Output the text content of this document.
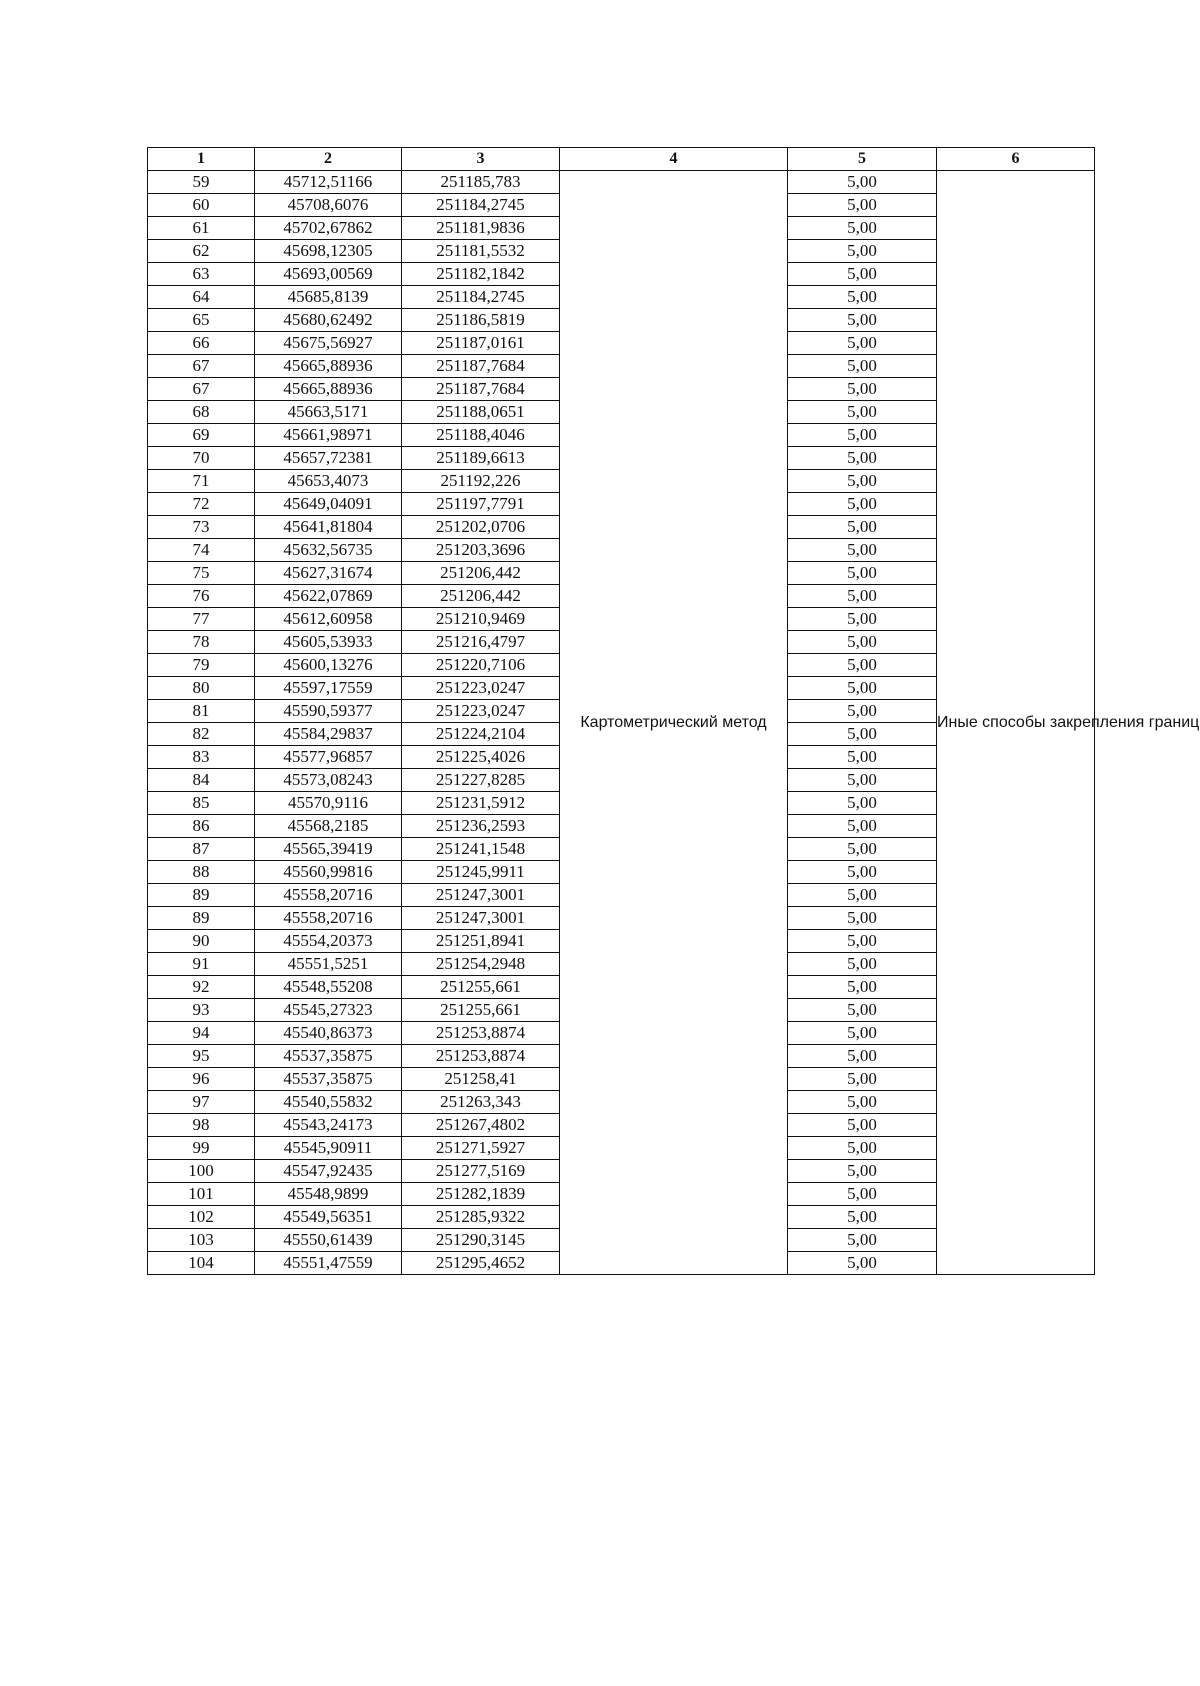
1	2	3	4	5	6
59	45712,51166	251185,783	Картометрический метод	5,00	Иные способы закрепления границ
60	45708,6076	251184,2745		5,00	
61	45702,67862	251181,9836		5,00	
62	45698,12305	251181,5532		5,00	
63	45693,00569	251182,1842		5,00	
64	45685,8139	251184,2745		5,00	
65	45680,62492	251186,5819		5,00	
66	45675,56927	251187,0161		5,00	
67	45665,88936	251187,7684		5,00	
67	45665,88936	251187,7684		5,00	
68	45663,5171	251188,0651		5,00	
69	45661,98971	251188,4046		5,00	
70	45657,72381	251189,6613		5,00	
71	45653,4073	251192,226		5,00	
72	45649,04091	251197,7791		5,00	
73	45641,81804	251202,0706		5,00	
74	45632,56735	251203,3696		5,00	
75	45627,31674	251206,442		5,00	
76	45622,07869	251206,442		5,00	
77	45612,60958	251210,9469		5,00	
78	45605,53933	251216,4797		5,00	
79	45600,13276	251220,7106		5,00	
80	45597,17559	251223,0247		5,00	
81	45590,59377	251223,0247		5,00	
82	45584,29837	251224,2104		5,00	
83	45577,96857	251225,4026		5,00	
84	45573,08243	251227,8285		5,00	
85	45570,9116	251231,5912		5,00	
86	45568,2185	251236,2593		5,00	
87	45565,39419	251241,1548		5,00	
88	45560,99816	251245,9911		5,00	
89	45558,20716	251247,3001		5,00	
89	45558,20716	251247,3001		5,00	
90	45554,20373	251251,8941		5,00	
91	45551,5251	251254,2948		5,00	
92	45548,55208	251255,661		5,00	
93	45545,27323	251255,661		5,00	
94	45540,86373	251253,8874		5,00	
95	45537,35875	251253,8874		5,00	
96	45537,35875	251258,41		5,00	
97	45540,55832	251263,343		5,00	
98	45543,24173	251267,4802		5,00	
99	45545,90911	251271,5927		5,00	
100	45547,92435	251277,5169		5,00	
101	45548,9899	251282,1839		5,00	
102	45549,56351	251285,9322		5,00	
103	45550,61439	251290,3145		5,00	
104	45551,47559	251295,4652		5,00	
